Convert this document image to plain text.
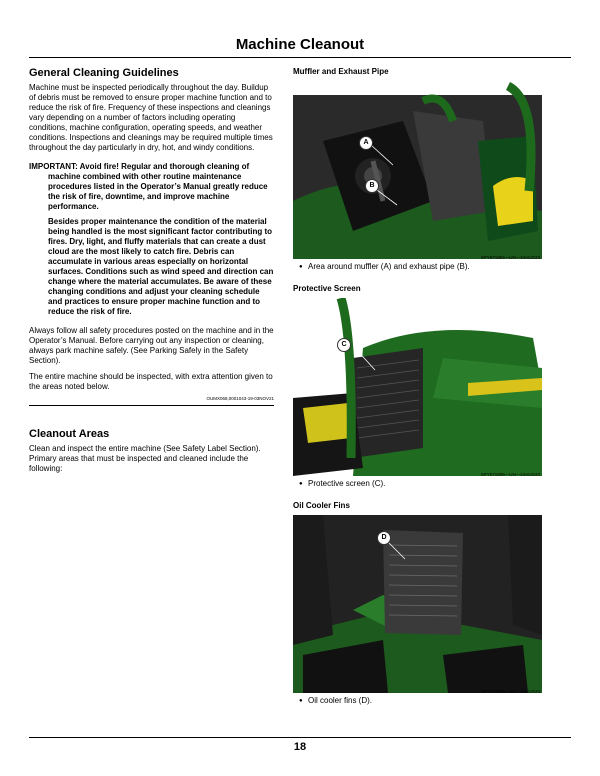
Machine Cleanout
General Cleaning Guidelines

Machine must be inspected periodically throughout the day. Buildup of debris must be removed to ensure proper machine function and to reduce the risk of fire. Frequency of these inspections and cleanings vary depending on a number of factors including operating conditions, machine configuration, operating speeds, and weather conditions. Inspections and cleanings may be required multiple times throughout the day particularly in dry, hot, and windy conditions.

IMPORTANT: Avoid fire! Regular and thorough cleaning of machine combined with other routine maintenance procedures listed in the Operator’s Manual greatly reduce the risk of fire, downtime, and improve machine performance.
Besides proper maintenance the condition of the material being handled is the most significant factor contributing to fires. Dry, light, and fluffy materials that can create a dust cloud are the most likely to catch fire. Debris can accumulate in various areas especially on horizontal surfaces. Conditions such as wind speed and direction can change where the material accumulates. Be aware of these changing conditions and adjust your cleaning schedule and practices to ensure proper machine function and to reduce the risk of fire.

Always follow all safety procedures posted on the machine and in the Operator’s Manual. Before carrying out any inspection or cleaning, always park machine safely. (See Parking Safely in the Safety Section).

The entire machine should be inspected, with extra attention given to the areas noted below.

OUMX068,0001043-19-03NOV21
Cleanout Areas

Clean and inspect the entire machine (See Safety Label Section). Primary areas that must be inspected and cleaned include the following:

Muffler and Exhaust Pipe
A
B
SPY571804—UN—24AUG23
● Area around muffler (A) and exhaust pipe (B).
Protective Screen
C
SPY571806—UN—24AUG23
● Protective screen (C).
Oil Cooler Fins
D
SPY571805—UN—24AUG23
● Oil cooler fins (D).
18
